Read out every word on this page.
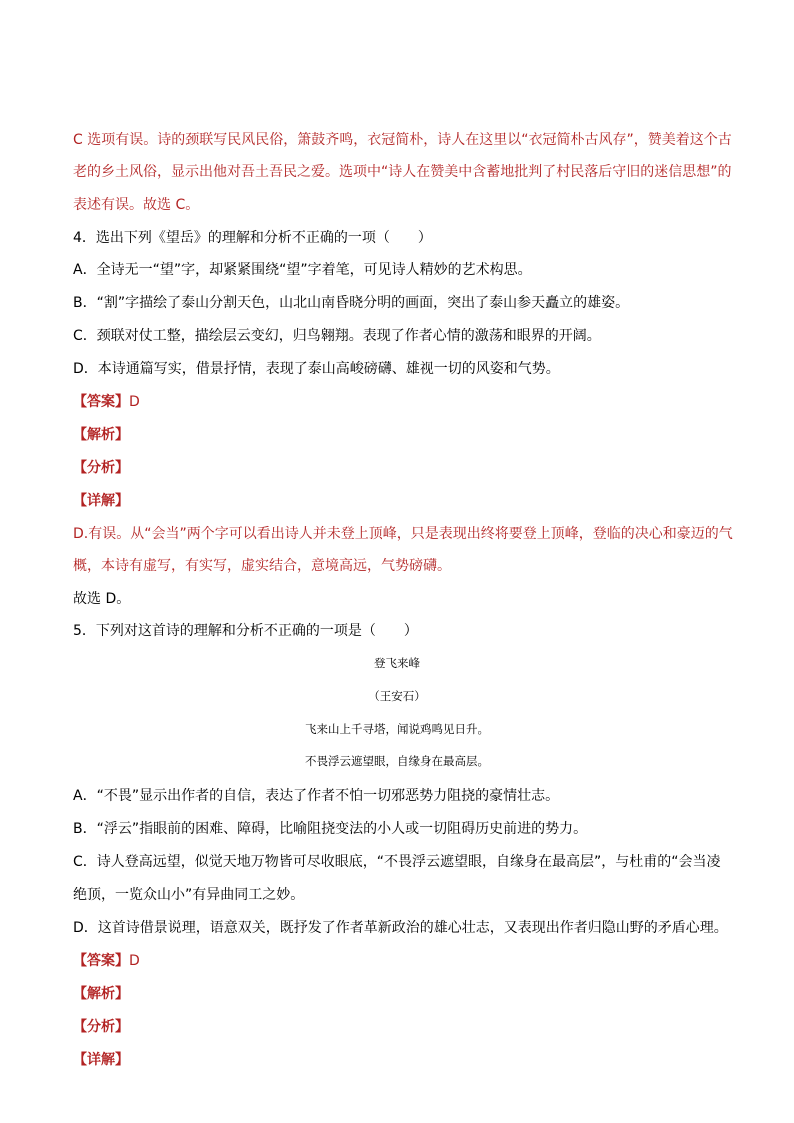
C 选项有误。诗的颈联写民风民俗，箫鼓齐鸣，衣冠简朴，诗人在这里以“衣冠简朴古风存”，赞美着这个古
老的乡土风俗，显示出他对吾土吾民之爱。选项中“诗人在赞美中含蓄地批判了村民落后守旧的迷信思想”的
表述有误。故选 C。
4．选出下列《望岳》的理解和分析不正确的一项（　　）
A．全诗无一“望”字，却紧紧围绕“望”字着笔，可见诗人精妙的艺术构思。
B．“割”字描绘了泰山分割天色，山北山南昏晓分明的画面，突出了泰山参天矗立的雄姿。
C．颈联对仗工整，描绘层云变幻，归鸟翱翔。表现了作者心情的激荡和眼界的开阔。
D．本诗通篇写实，借景抒情，表现了泰山高峻磅礴、雄视一切的风姿和气势。
【答案】D
【解析】
【分析】
【详解】
D.有误。从“会当”两个字可以看出诗人并未登上顶峰，只是表现出终将要登上顶峰，登临的决心和豪迈的气
概，本诗有虚写，有实写，虚实结合，意境高远，气势磅礴。
故选 D。
5．下列对这首诗的理解和分析不正确的一项是（　　）
登飞来峰
（王安石）
飞来山上千寻塔，闻说鸡鸣见日升。
不畏浮云遮望眼，自缘身在最高层。
A．“不畏”显示出作者的自信，表达了作者不怕一切邪恶势力阻挠的豪情壮志。
B．“浮云”指眼前的困难、障碍，比喻阻挠变法的小人或一切阻碍历史前进的势力。
C．诗人登高远望，似觉天地万物皆可尽收眼底，“不畏浮云遮望眼，自缘身在最高层”，与杜甫的“会当凌
绝顶，一览众山小”有异曲同工之妙。
D．这首诗借景说理，语意双关，既抒发了作者革新政治的雄心壮志，又表现出作者归隐山野的矛盾心理。
【答案】D
【解析】
【分析】
【详解】
